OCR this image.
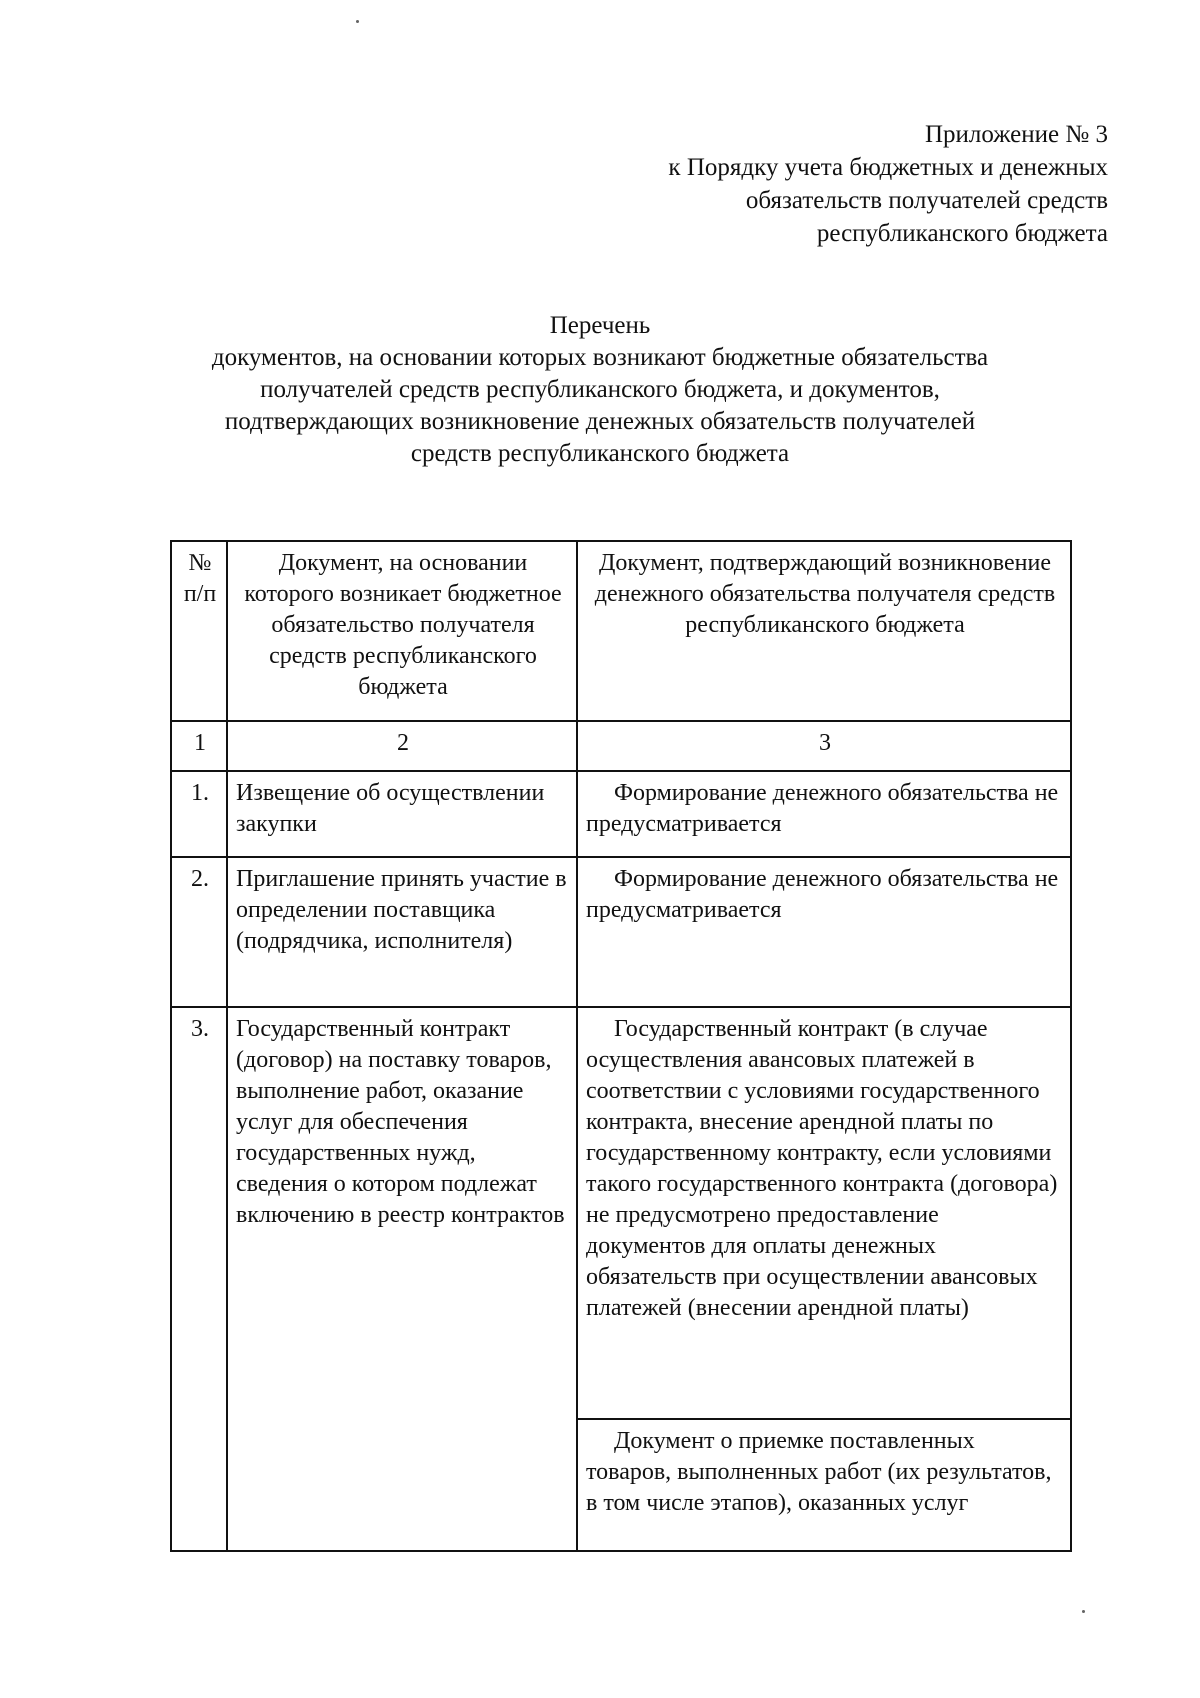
Приложение № 3
к Порядку учета бюджетных и денежных
обязательств получателей средств
республиканского бюджета
Перечень
документов, на основании которых возникают бюджетные обязательства
получателей средств республиканского бюджета, и документов,
подтверждающих возникновение денежных обязательств получателей
средств республиканского бюджета
№
п/п	Документ, на основании которого возникает бюджетное обязательство получателя средств республиканского бюджета	Документ, подтверждающий возникновение денежного обязательства получателя средств республиканского бюджета
1	2	3
1.	Извещение об осуществлении закупки	Формирование денежного обязательства не предусматривается
2.	Приглашение принять участие в определении поставщика (подрядчика, исполнителя)	Формирование денежного обязательства не предусматривается
3.	Государственный контракт (договор) на поставку товаров, выполнение работ, оказание услуг для обеспечения государственных нужд, сведения о котором подлежат включению в реестр контрактов	Государственный контракт (в случае осуществления авансовых платежей в соответствии с условиями государственного контракта, внесение арендной платы по государственному контракту, если условиями такого государственного контракта (договора) не предусмотрено предоставление документов для оплаты денежных обязательств при осуществлении авансовых платежей (внесении арендной платы)
		Документ о приемке поставленных товаров, выполненных работ (их результатов, в том числе этапов), оказанных услуг
